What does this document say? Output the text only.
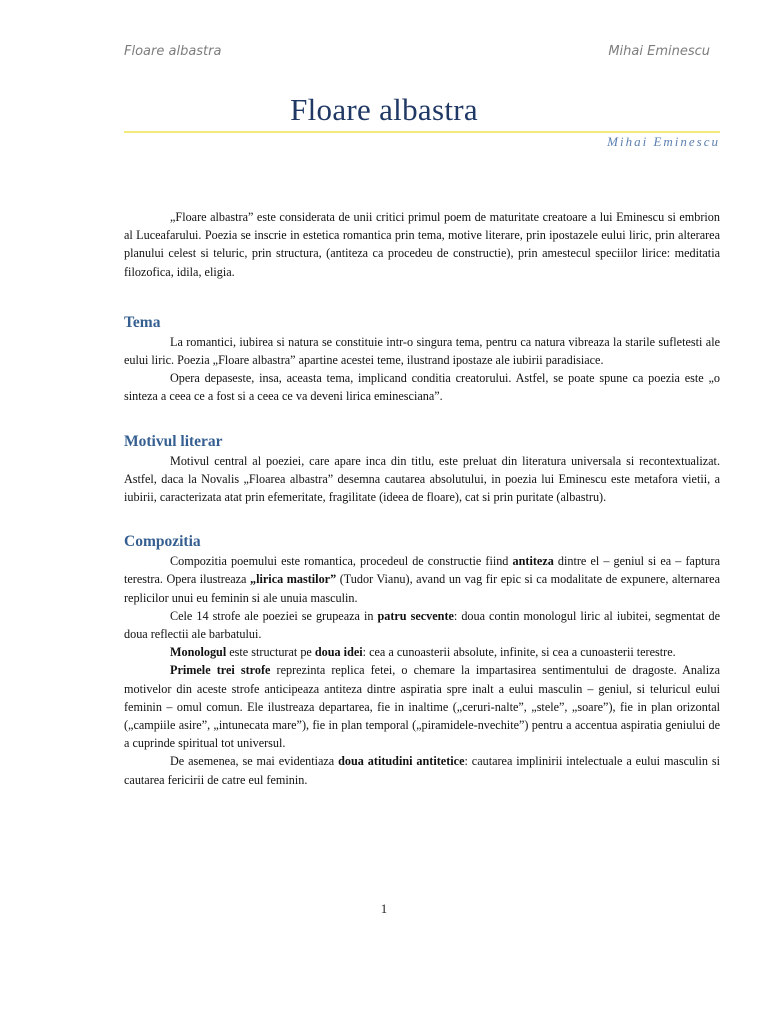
Floare albastra	Mihai Eminescu
Floare albastra
Mihai Eminescu

„Floare albastra” este considerata de unii critici primul poem de maturitate creatoare a lui Eminescu si embrion al Luceafarului. Poezia se inscrie in estetica romantica prin tema, motive literare, prin ipostazele eului liric, prin alterarea planului celest si teluric, prin structura, (antiteza ca procedeu de constructie), prin amestecul speciilor lirice: meditatia filozofica, idila, eligia.

Tema

La romantici, iubirea si natura se constituie intr-o singura tema, pentru ca natura vibreaza la starile sufletesti ale eului liric. Poezia „Floare albastra” apartine acestei teme, ilustrand ipostaze ale iubirii paradisiace.

Opera depaseste, insa, aceasta tema, implicand conditia creatorului. Astfel, se poate spune ca poezia este „o sinteza a ceea ce a fost si a ceea ce va deveni lirica eminesciana”.

Motivul literar

Motivul central al poeziei, care apare inca din titlu, este preluat din literatura universala si recontextualizat. Astfel, daca la Novalis „Floarea albastra” desemna cautarea absolutului, in poezia lui Eminescu este metafora vietii, a iubirii, caracterizata atat prin efemeritate, fragilitate (ideea de floare), cat si prin puritate (albastru).

Compozitia

Compozitia poemului este romantica, procedeul de constructie fiind antiteza dintre el – geniul si ea – faptura terestra. Opera ilustreaza „lirica mastilor” (Tudor Vianu), avand un vag fir epic si ca modalitate de expunere, alternarea replicilor unui eu feminin si ale unuia masculin.

Cele 14 strofe ale poeziei se grupeaza in patru secvente: doua contin monologul liric al iubitei, segmentat de doua reflectii ale barbatului.

Monologul este structurat pe doua idei: cea a cunoasterii absolute, infinite, si cea a cunoasterii terestre.

Primele trei strofe reprezinta replica fetei, o chemare la impartasirea sentimentului de dragoste. Analiza motivelor din aceste strofe anticipeaza antiteza dintre aspiratia spre inalt a eului masculin – geniul, si teluricul eului feminin – omul comun. Ele ilustreaza departarea, fie in inaltime („ceruri-nalte”, „stele”, „soare”), fie in plan orizontal („campiile asire”, „intunecata mare”), fie in plan temporal („piramidele-nvechite”) pentru a accentua aspiratia geniului de a cuprinde spiritual tot universul.

De asemenea, se mai evidentiaza doua atitudini antitetice: cautarea implinirii intelectuale a eului masculin si cautarea fericirii de catre eul feminin.

1
